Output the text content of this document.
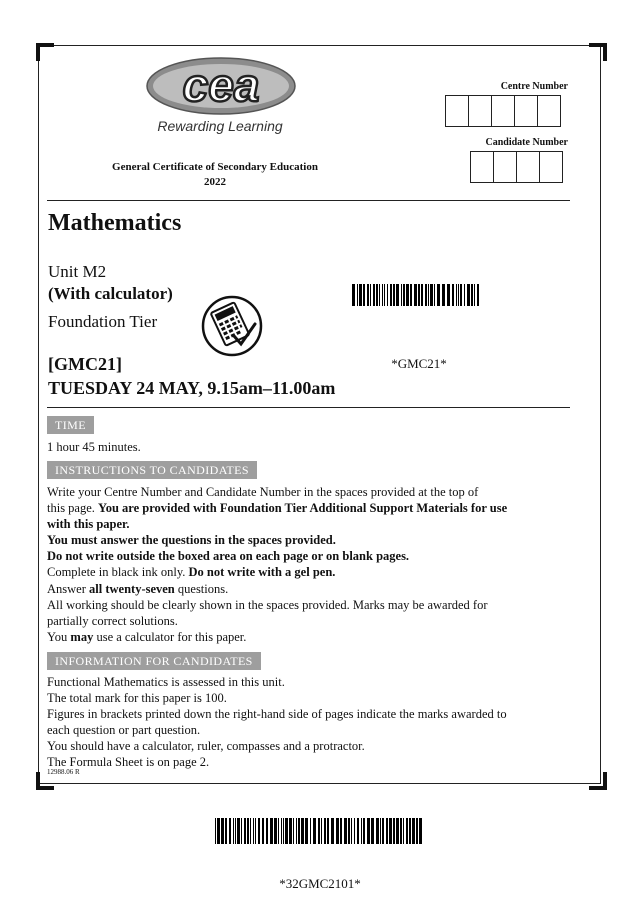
cea
Rewarding Learning
General Certificate of Secondary Education
2022
Centre Number
Candidate Number
Mathematics
Unit M2
(With calculator)
Foundation Tier
*GMC21*
[GMC21]
TUESDAY 24 MAY, 9.15am–11.00am
TIME
1 hour 45 minutes.
INSTRUCTIONS TO CANDIDATES
Write your Centre Number and Candidate Number in the spaces provided at the top of
this page. You are provided with Foundation Tier Additional Support Materials for use
with this paper.
You must answer the questions in the spaces provided.
Do not write outside the boxed area on each page or on blank pages.
Complete in black ink only. Do not write with a gel pen.
Answer all twenty-seven questions.
All working should be clearly shown in the spaces provided. Marks may be awarded for
partially correct solutions.
You may use a calculator for this paper.
INFORMATION FOR CANDIDATES
Functional Mathematics is assessed in this unit.
The total mark for this paper is 100.
Figures in brackets printed down the right-hand side of pages indicate the marks awarded to
each question or part question.
You should have a calculator, ruler, compasses and a protractor.
The Formula Sheet is on page 2.
12988.06 R
*32GMC2101*
